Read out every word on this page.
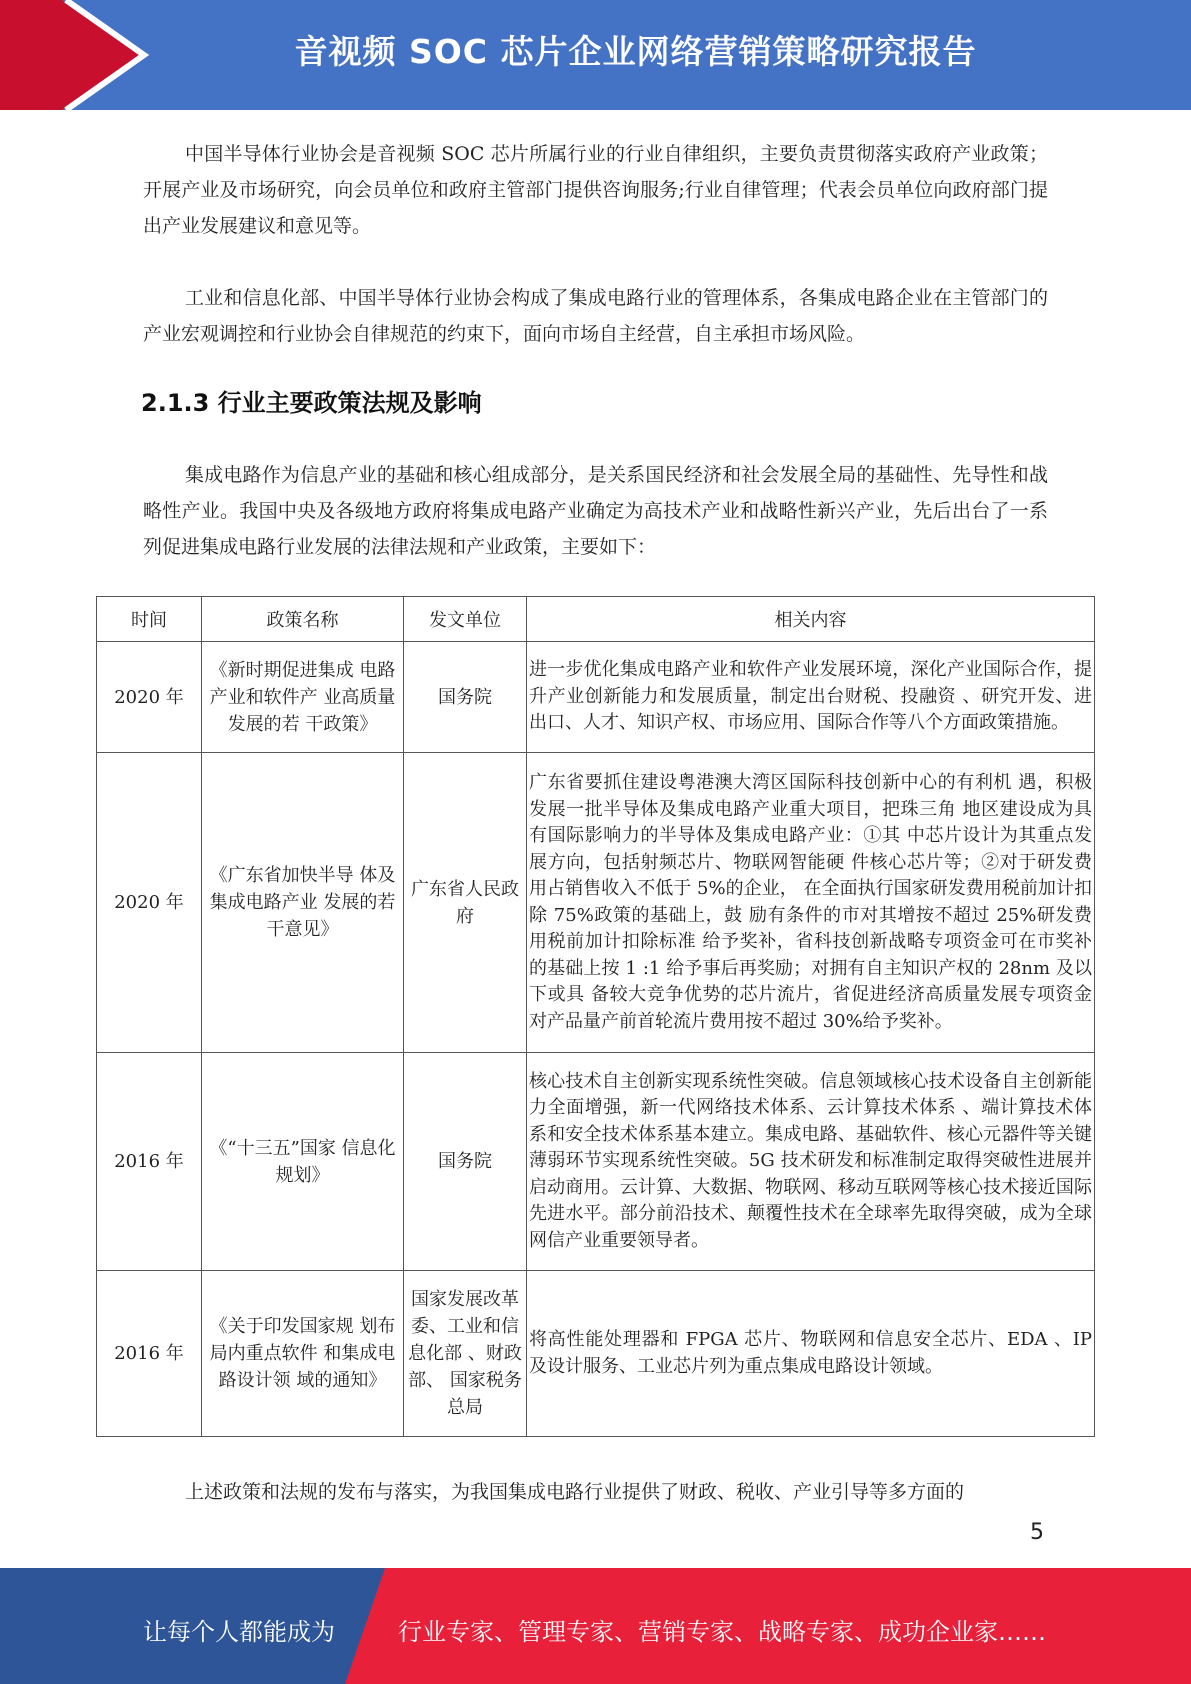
音视频 SOC 芯片企业网络营销策略研究报告

中国半导体行业协会是音视频 SOC 芯片所属行业的行业自律组织，主要负责贯彻落实政府产业政策；开展产业及市场研究，向会员单位和政府主管部门提供咨询服务;行业自律管理；代表会员单位向政府部门提出产业发展建议和意见等。

工业和信息化部、中国半导体行业协会构成了集成电路行业的管理体系，各集成电路企业在主管部门的产业宏观调控和行业协会自律规范的约束下，面向市场自主经营，自主承担市场风险。

2.1.3 行业主要政策法规及影响

集成电路作为信息产业的基础和核心组成部分，是关系国民经济和社会发展全局的基础性、先导性和战略性产业。我国中央及各级地方政府将集成电路产业确定为高技术产业和战略性新兴产业，先后出台了一系列促进集成电路行业发展的法律法规和产业政策，主要如下：

时间	政策名称	发文单位	相关内容
2020 年	《新时期促进集成 电路产业和软件产 业高质量发展的若 干政策》	国务院	进一步优化集成电路产业和软件产业发展环境，深化产业国际合作，提升产业创新能力和发展质量，制定出台财税、投融资 、研究开发、进出口、人才、知识产权、市场应用、国际合作等八个方面政策措施。
2020 年	《广东省加快半导 体及集成电路产业 发展的若干意见》	广东省人民政府	广东省要抓住建设粤港澳大湾区国际科技创新中心的有利机 遇，积极发展一批半导体及集成电路产业重大项目，把珠三角 地区建设成为具有国际影响力的半导体及集成电路产业：①其 中芯片设计为其重点发展方向，包括射频芯片、物联网智能硬 件核心芯片等；②对于研发费用占销售收入不低于 5%的企业， 在全面执行国家研发费用税前加计扣除 75%政策的基础上，鼓 励有条件的市对其增按不超过 25%研发费用税前加计扣除标准 给予奖补，省科技创新战略专项资金可在市奖补的基础上按 1 :1 给予事后再奖励；对拥有自主知识产权的 28nm 及以下或具 备较大竞争优势的芯片流片，省促进经济高质量发展专项资金 对产品量产前首轮流片费用按不超过 30%给予奖补。
2016 年	《“十三五”国家 信息化规划》	国务院	核心技术自主创新实现系统性突破。信息领域核心技术设备自主创新能力全面增强，新一代网络技术体系、云计算技术体系 、端计算技术体系和安全技术体系基本建立。集成电路、基础软件、核心元器件等关键薄弱环节实现系统性突破。5G 技术研发和标准制定取得突破性进展并启动商用。云计算、大数据、物联网、移动互联网等核心技术接近国际先进水平。部分前沿技术、颠覆性技术在全球率先取得突破，成为全球网信产业重要领导者。
2016 年	《关于印发国家规 划布局内重点软件 和集成电路设计领 域的通知》	国家发展改革委、工业和信息化部 、财政部、 国家税务 总局	将高性能处理器和 FPGA 芯片、物联网和信息安全芯片、EDA 、IP 及设计服务、工业芯片列为重点集成电路设计领域。

上述政策和法规的发布与落实，为我国集成电路行业提供了财政、税收、产业引导等多方面的

5
让每个人都能成为	行业专家、管理专家、营销专家、战略专家、成功企业家……
